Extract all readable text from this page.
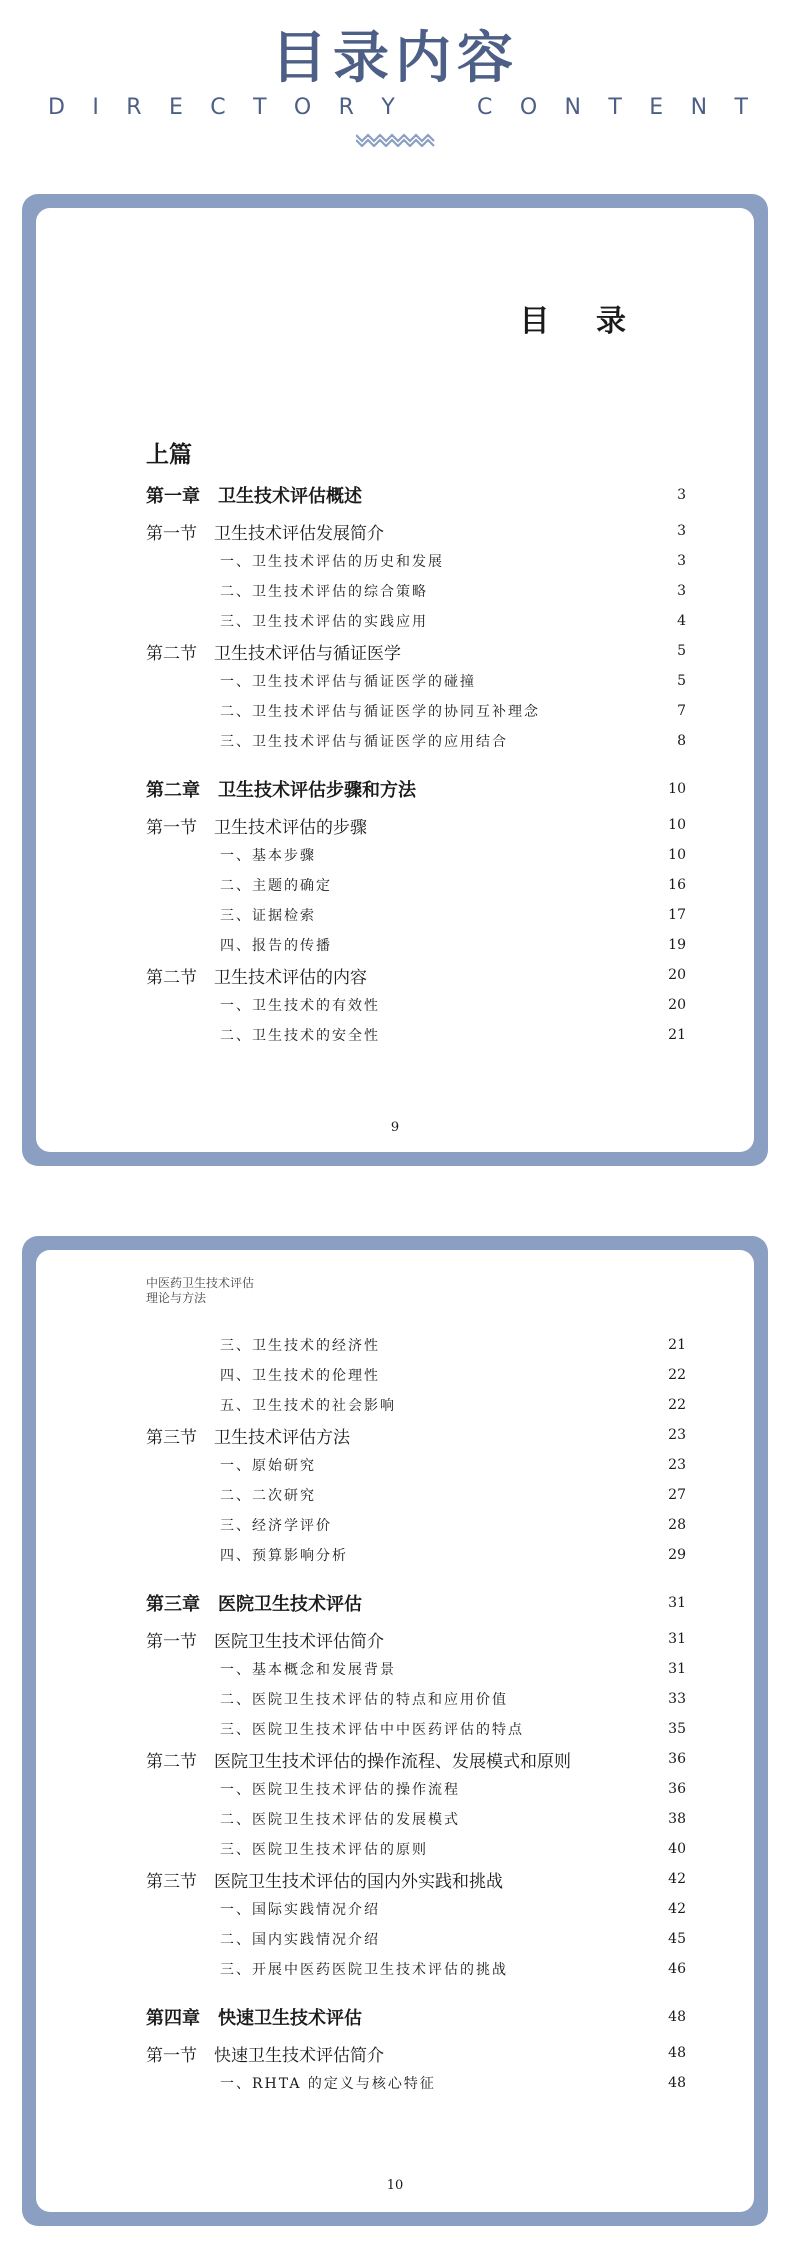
目录内容
D I R E C T O R Y	C O N T E N T
目 录
上篇
第一章　卫生技术评估概述	3
第一节　卫生技术评估发展简介	3
一、卫生技术评估的历史和发展	3
二、卫生技术评估的综合策略	3
三、卫生技术评估的实践应用	4
第二节　卫生技术评估与循证医学	5
一、卫生技术评估与循证医学的碰撞	5
二、卫生技术评估与循证医学的协同互补理念	7
三、卫生技术评估与循证医学的应用结合	8
第二章　卫生技术评估步骤和方法	10
第一节　卫生技术评估的步骤	10
一、基本步骤	10
二、主题的确定	16
三、证据检索	17
四、报告的传播	19
第二节　卫生技术评估的内容	20
一、卫生技术的有效性	20
二、卫生技术的安全性	21
9
中医药卫生技术评估
理论与方法
三、卫生技术的经济性	21
四、卫生技术的伦理性	22
五、卫生技术的社会影响	22
第三节　卫生技术评估方法	23
一、原始研究	23
二、二次研究	27
三、经济学评价	28
四、预算影响分析	29
第三章　医院卫生技术评估	31
第一节　医院卫生技术评估简介	31
一、基本概念和发展背景	31
二、医院卫生技术评估的特点和应用价值	33
三、医院卫生技术评估中中医药评估的特点	35
第二节　医院卫生技术评估的操作流程、发展模式和原则	36
一、医院卫生技术评估的操作流程	36
二、医院卫生技术评估的发展模式	38
三、医院卫生技术评估的原则	40
第三节　医院卫生技术评估的国内外实践和挑战	42
一、国际实践情况介绍	42
二、国内实践情况介绍	45
三、开展中医药医院卫生技术评估的挑战	46
第四章　快速卫生技术评估	48
第一节　快速卫生技术评估简介	48
一、RHTA 的定义与核心特征	48
10
